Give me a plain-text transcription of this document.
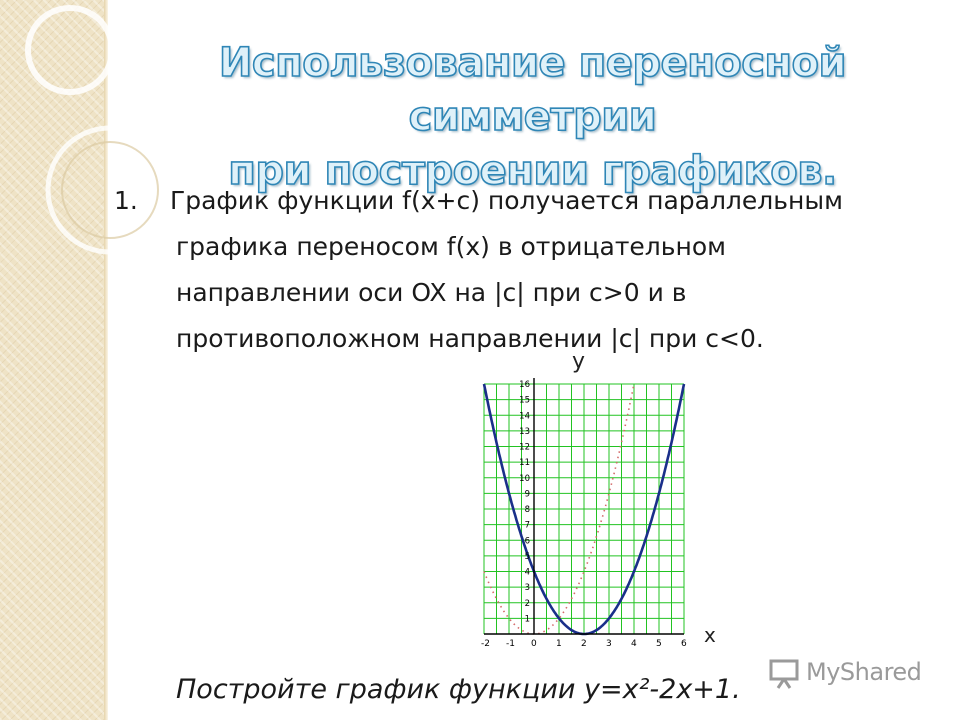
Использование переносной симметрии
при построении графиков.
1.	График функции f(x+c) получается параллельным
графика переносом f(x) в отрицательном
направлении оси OX на |c| при c>0 и в
противоположном направлении |c| при c<0.
-2 -1 0 1 2 3 4 5 6
1
2
3
4
5
6
7
8
9
10
11
12
13
14
15
16
y
x
Постройте график функции y=x²-2x+1.
MyShared
